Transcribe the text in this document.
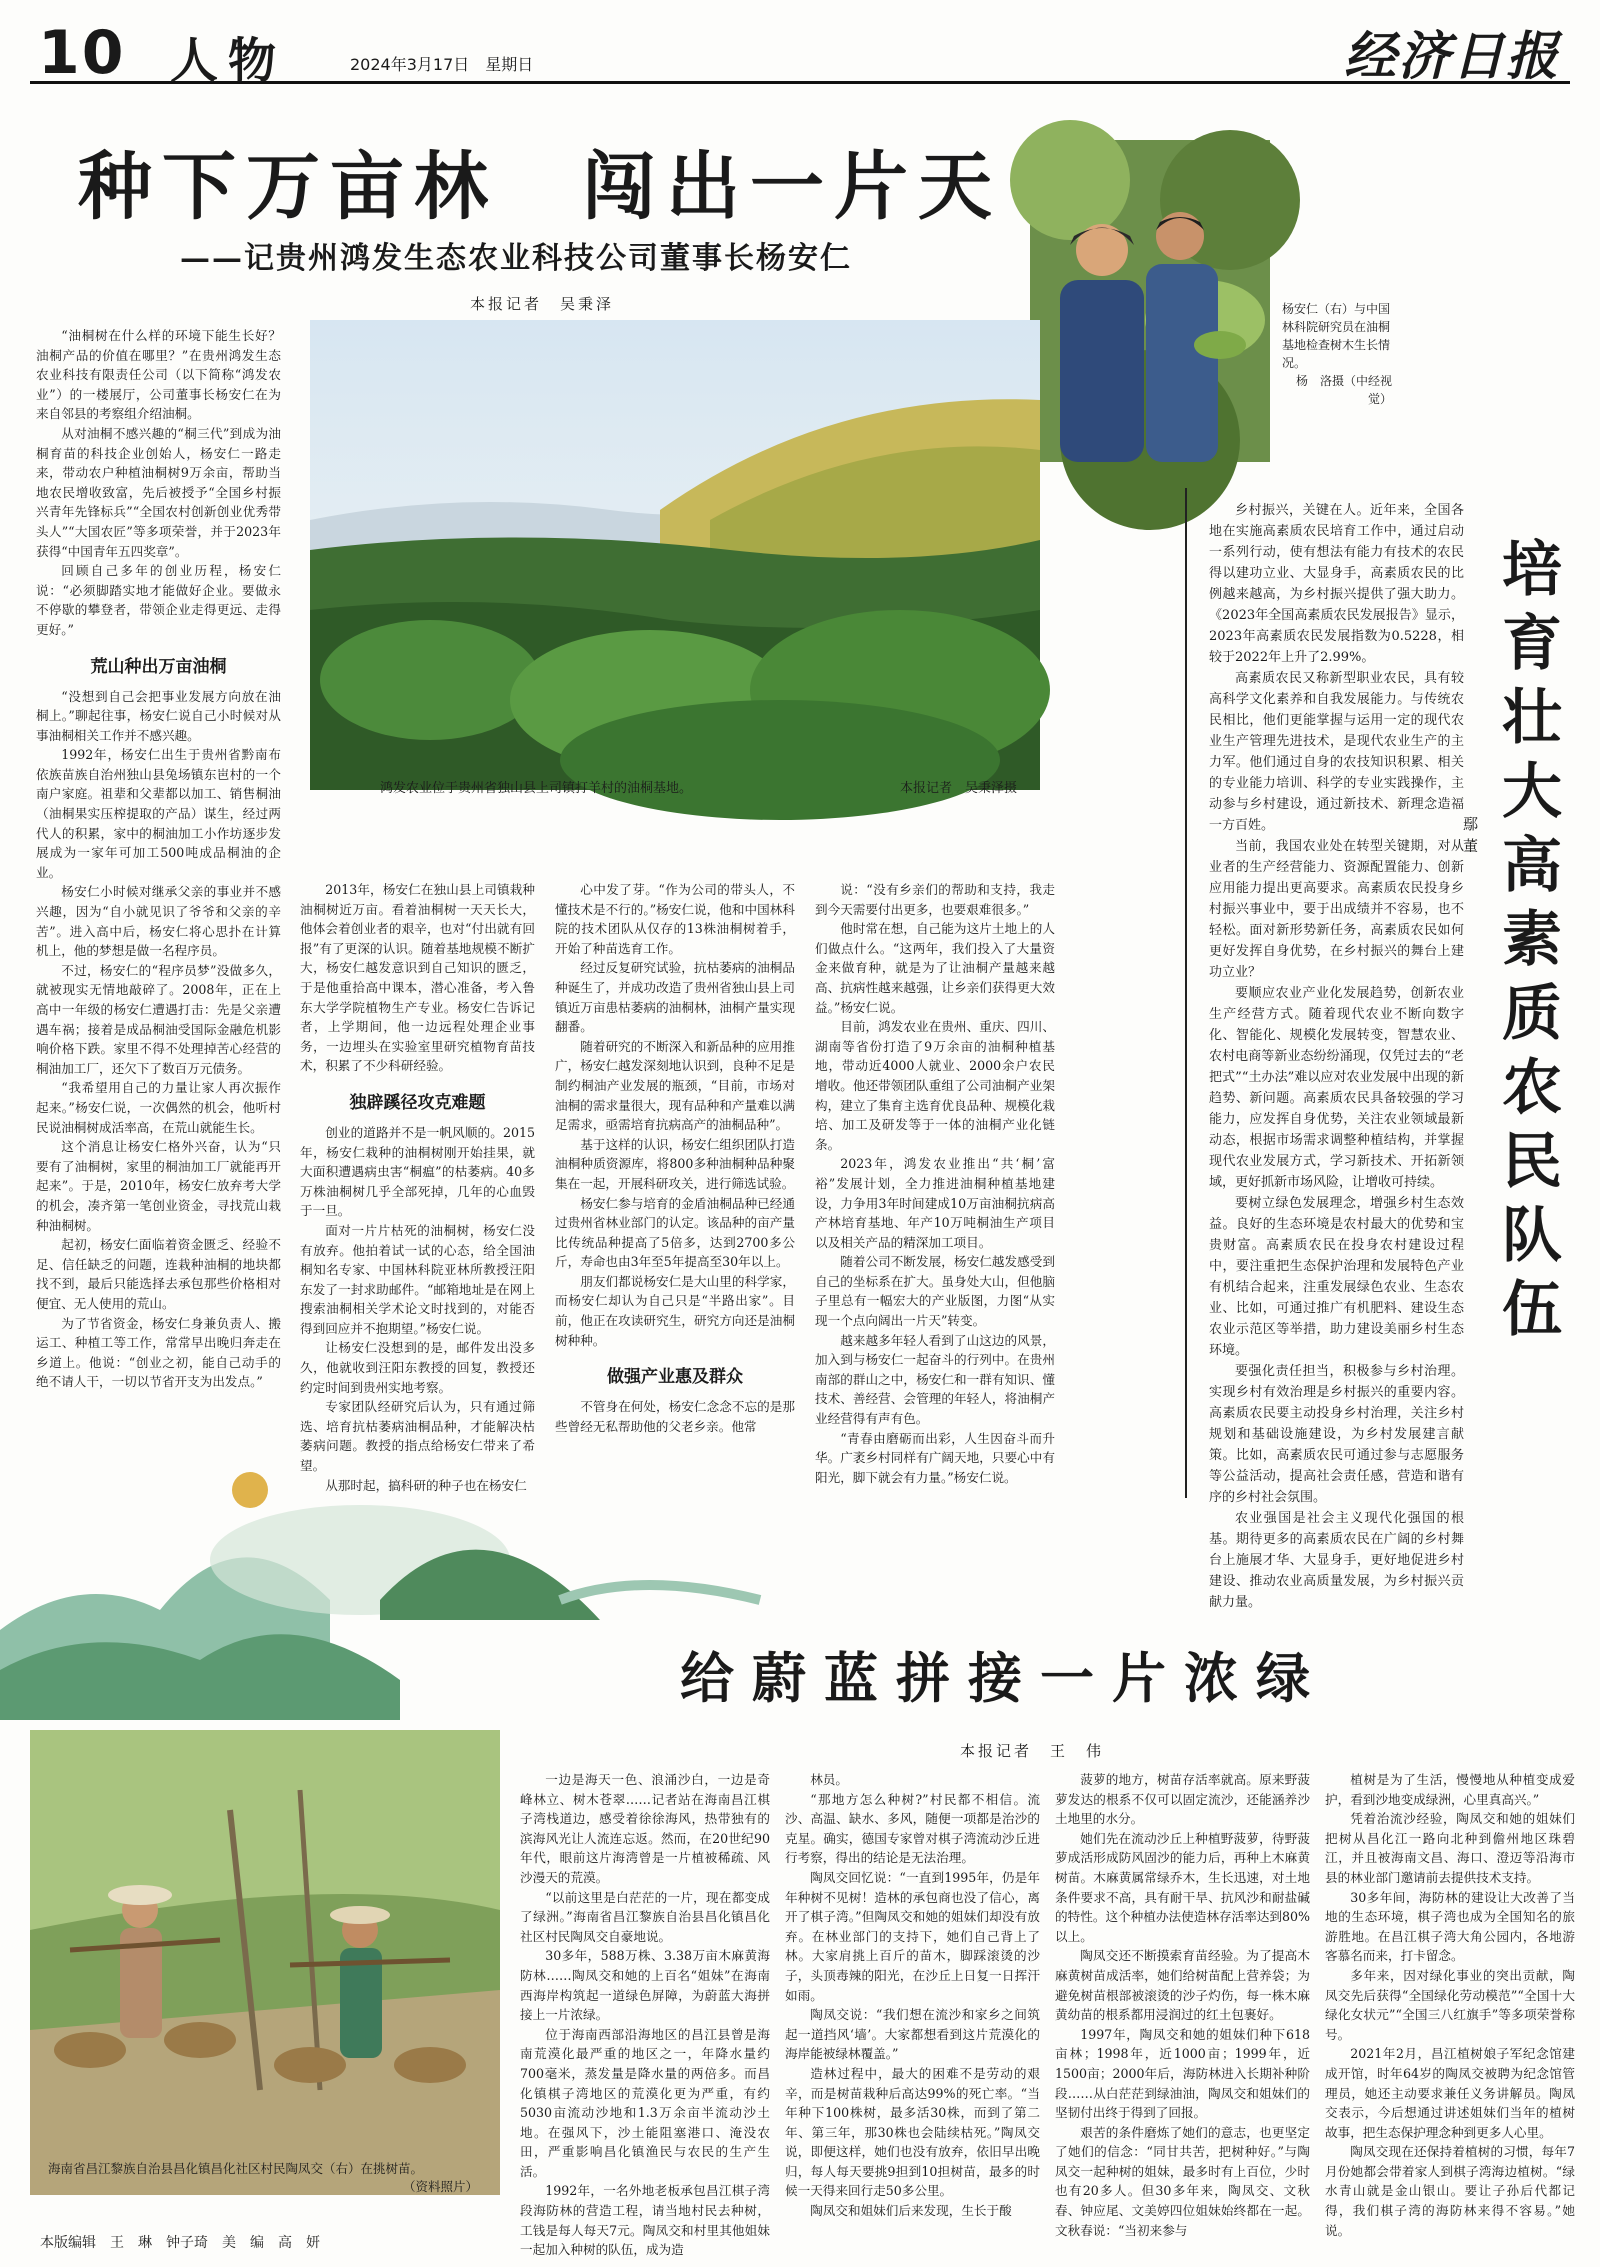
10 人物	2024年3月17日　星期日	经济日报
种下万亩林　闯出一片天
——记贵州鸿发生态农业科技公司董事长杨安仁
本报记者　吴秉泽	杨安仁（右）与中国林科院研究员在油桐基地检查树木生长情况。
杨　洛摄（中经视觉）
鸿发农业位于贵州省独山县上司镇打羊村的油桐基地。	本报记者　吴秉泽摄

“油桐树在什么样的环境下能生长好？油桐产品的价值在哪里？”在贵州鸿发生态农业科技有限责任公司（以下简称“鸿发农业”）的一楼展厅，公司董事长杨安仁在为来自邻县的考察组介绍油桐。

从对油桐不感兴趣的“桐三代”到成为油桐育苗的科技企业创始人，杨安仁一路走来，带动农户种植油桐树9万余亩，帮助当地农民增收致富，先后被授予“全国乡村振兴青年先锋标兵”“全国农村创新创业优秀带头人”“大国农匠”等多项荣誉，并于2023年获得“中国青年五四奖章”。

回顾自己多年的创业历程，杨安仁说：“必须脚踏实地才能做好企业。要做永不停歇的攀登者，带领企业走得更远、走得更好。”

荒山种出万亩油桐

“没想到自己会把事业发展方向放在油桐上。”聊起往事，杨安仁说自己小时候对从事油桐相关工作并不感兴趣。

1992年，杨安仁出生于贵州省黔南布依族苗族自治州独山县兔场镇东岜村的一个南户家庭。祖辈和父辈都以加工、销售桐油（油桐果实压榨提取的产品）谋生，经过两代人的积累，家中的桐油加工小作坊逐步发展成为一家年可加工500吨成品桐油的企业。

杨安仁小时候对继承父亲的事业并不感兴趣，因为“自小就见识了爷爷和父亲的辛苦”。进入高中后，杨安仁将心思扑在计算机上，他的梦想是做一名程序员。

不过，杨安仁的“程序员梦”没做多久，就被现实无情地敲碎了。2008年，正在上高中一年级的杨安仁遭遇打击：先是父亲遭遇车祸；接着是成品桐油受国际金融危机影响价格下跌。家里不得不处理掉苦心经营的桐油加工厂，还欠下了数百万元债务。

“我希望用自己的力量让家人再次振作起来。”杨安仁说，一次偶然的机会，他听村民说油桐树成活率高，在荒山就能生长。

这个消息让杨安仁格外兴奋，认为“只要有了油桐树，家里的桐油加工厂就能再开起来”。于是，2010年，杨安仁放弃考大学的机会，凑齐第一笔创业资金，寻找荒山栽种油桐树。

起初，杨安仁面临着资金匮乏、经验不足、信任缺乏的问题，连栽种油桐的地块都找不到，最后只能选择去承包那些价格相对便宜、无人使用的荒山。

为了节省资金，杨安仁身兼负责人、搬运工、种植工等工作，常常早出晚归奔走在乡道上。他说：“创业之初，能自己动手的绝不请人干，一切以节省开支为出发点。”

2013年，杨安仁在独山县上司镇栽种油桐树近万亩。看着油桐树一天天长大，他体会着创业者的艰辛，也对“付出就有回报”有了更深的认识。随着基地规模不断扩大，杨安仁越发意识到自己知识的匮乏，于是他重拾高中课本，潜心准备，考入鲁东大学学院植物生产专业。杨安仁告诉记者，上学期间，他一边远程处理企业事务，一边埋头在实验室里研究植物育苗技术，积累了不少科研经验。

独辟蹊径攻克难题

创业的道路并不是一帆风顺的。2015年，杨安仁栽种的油桐树刚开始挂果，就大面积遭遇病虫害“桐瘟”的枯萎病。40多万株油桐树几乎全部死掉，几年的心血毁于一旦。

面对一片片枯死的油桐树，杨安仁没有放弃。他拍着试一试的心态，给全国油桐知名专家、中国林科院亚林所教授汪阳东发了一封求助邮件。“邮箱地址是在网上搜索油桐相关学术论文时找到的，对能否得到回应并不抱期望。”杨安仁说。

让杨安仁没想到的是，邮件发出没多久，他就收到汪阳东教授的回复，教授还约定时间到贵州实地考察。

专家团队经研究后认为，只有通过筛选、培育抗枯萎病油桐品种，才能解决枯萎病问题。教授的指点给杨安仁带来了希望。

从那时起，搞科研的种子也在杨安仁

心中发了芽。“作为公司的带头人，不懂技术是不行的。”杨安仁说，他和中国林科院的技术团队从仅存的13株油桐树着手，开始了种苗选育工作。

经过反复研究试验，抗枯萎病的油桐品种诞生了，并成功改造了贵州省独山县上司镇近万亩患枯萎病的油桐林，油桐产量实现翻番。

随着研究的不断深入和新品种的应用推广，杨安仁越发深刻地认识到，良种不足是制约桐油产业发展的瓶颈，“目前，市场对油桐的需求量很大，现有品种和产量难以满足需求，亟需培育抗病高产的油桐品种”。

基于这样的认识，杨安仁组织团队打造油桐种质资源库，将800多种油桐种品种聚集在一起，开展科研攻关，进行筛选试验。

杨安仁参与培育的金盾油桐品种已经通过贵州省林业部门的认定。该品种的亩产量比传统品种提高了5倍多，达到2700多公斤，寿命也由3年至5年提高至30年以上。

朋友们都说杨安仁是大山里的科学家，而杨安仁却认为自己只是“半路出家”。目前，他正在攻读研究生，研究方向还是油桐树种种。

做强产业惠及群众

不管身在何处，杨安仁念念不忘的是那些曾经无私帮助他的父老乡亲。他常

说：“没有乡亲们的帮助和支持，我走到今天需要付出更多，也要艰难很多。”

他时常在想，自己能为这片土地上的人们做点什么。“这两年，我们投入了大量资金来做育种，就是为了让油桐产量越来越高、抗病性越来越强，让乡亲们获得更大效益。”杨安仁说。

目前，鸿发农业在贵州、重庆、四川、湖南等省份打造了9万余亩的油桐种植基地，带动近4000人就业、2000余户农民增收。他还带领团队重组了公司油桐产业架构，建立了集育主选育优良品种、规模化栽培、加工及研发等于一体的油桐产业化链条。

2023年，鸿发农业推出“共‘桐’富裕”发展计划，全力推进油桐种植基地建设，力争用3年时间建成10万亩油桐抗病高产林培育基地、年产10万吨桐油生产项目以及相关产品的精深加工项目。

随着公司不断发展，杨安仁越发感受到自己的坐标系在扩大。虽身处大山，但他脑子里总有一幅宏大的产业版图，力图“从实现一个点向阔出一片天”转变。

越来越多年轻人看到了山这边的风景，加入到与杨安仁一起奋斗的行列中。在贵州南部的群山之中，杨安仁和一群有知识、懂技术、善经营、会管理的年轻人，将油桐产业经营得有声有色。

“青春由磨砺而出彩，人生因奋斗而升华。广袤乡村同样有广阔天地，只要心中有阳光，脚下就会有力量。”杨安仁说。

乡村振兴，关键在人。近年来，全国各地在实施高素质农民培育工作中，通过启动一系列行动，使有想法有能力有技术的农民得以建功立业、大显身手，高素质农民的比例越来越高，为乡村振兴提供了强大助力。《2023年全国高素质农民发展报告》显示，2023年高素质农民发展指数为0.5228，相较于2022年上升了2.99%。

高素质农民又称新型职业农民，具有较高科学文化素养和自我发展能力。与传统农民相比，他们更能掌握与运用一定的现代农业生产管理先进技术，是现代农业生产的主力军。他们通过自身的农技知识积累、相关的专业能力培训、科学的专业实践操作，主动参与乡村建设，通过新技术、新理念造福一方百姓。

当前，我国农业处在转型关键期，对从业者的生产经营能力、资源配置能力、创新应用能力提出更高要求。高素质农民投身乡村振兴事业中，要于出成绩并不容易，也不轻松。面对新形势新任务，高素质农民如何更好发挥自身优势，在乡村振兴的舞台上建功立业？

要顺应农业产业化发展趋势，创新农业生产经营方式。随着现代农业不断向数字化、智能化、规模化发展转变，智慧农业、农村电商等新业态纷纷涌现，仅凭过去的“老把式”“土办法”难以应对农业发展中出现的新趋势、新问题。高素质农民具备较强的学习能力，应发挥自身优势，关注农业领域最新动态，根据市场需求调整种植结构，并掌握现代农业发展方式，学习新技术、开拓新领域，更好抓新市场风险，让增收可持续。

要树立绿色发展理念，增强乡村生态效益。良好的生态环境是农村最大的优势和宝贵财富。高素质农民在投身农村建设过程中，要注重把生态保护治理和发展特色产业有机结合起来，注重发展绿色农业、生态农业、比如，可通过推广有机肥料、建设生态农业示范区等举措，助力建设美丽乡村生态环境。

要强化责任担当，积极参与乡村治理。实现乡村有效治理是乡村振兴的重要内容。高素质农民要主动投身乡村治理，关注乡村规划和基础设施建设，为乡村发展建言献策。比如，高素质农民可通过参与志愿服务等公益活动，提高社会责任感，营造和谐有序的乡村社会氛围。

农业强国是社会主义现代化强国的根基。期待更多的高素质农民在广阔的乡村舞台上施展才华、大显身手，更好地促进乡村建设、推动农业高质量发展，为乡村振兴贡献力量。

鄢　董
培育壮大高素质农民队伍
给蔚蓝拼接一片浓绿
本报记者　王　伟
海南省昌江黎族自治县昌化镇昌化社区村民陶凤交（右）在挑树苗。
（资料照片）

一边是海天一色、浪涌沙白，一边是奇峰林立、树木苍翠……记者站在海南昌江棋子湾栈道边，感受着徐徐海风，热带独有的滨海风光让人流连忘返。然而，在20世纪90年代，眼前这片海湾曾是一片植被稀疏、风沙漫天的荒漠。

“以前这里是白茫茫的一片，现在都变成了绿洲。”海南省昌江黎族自治县昌化镇昌化社区村民陶凤交自豪地说。

30多年，588万株、3.38万亩木麻黄海防林……陶凤交和她的上百名“姐妹”在海南西海岸构筑起一道绿色屏障，为蔚蓝大海拼接上一片浓绿。

位于海南西部沿海地区的昌江县曾是海南荒漠化最严重的地区之一，年降水量约700毫米，蒸发量是降水量的两倍多。而昌化镇棋子湾地区的荒漠化更为严重，有约5030亩流动沙地和1.3万余亩半流动沙土地。在强风下，沙土能阻塞港口、淹没农田，严重影响昌化镇渔民与农民的生产生活。

1992年，一名外地老板承包昌江棋子湾段海防林的营造工程，请当地村民去种树，工钱是每人每天7元。陶凤交和村里其他姐妹一起加入种树的队伍，成为造

林员。

“那地方怎么种树?”村民都不相信。流沙、高温、缺水、多风，随便一项都是治沙的克星。确实，德国专家曾对棋子湾流动沙丘进行考察，得出的结论是无法治理。

陶凤交回忆说：“一直到1995年，仍是年年种树不见树！造林的承包商也没了信心，离开了棋子湾。”但陶凤交和她的姐妹们却没有放弃。在林业部门的支持下，她们自己背上了林。大家肩挑上百斤的苗木，脚踩滚烫的沙子，头顶毒辣的阳光，在沙丘上日复一日挥汗如雨。

陶凤交说：“我们想在流沙和家乡之间筑起一道挡风‘墙’。大家都想看到这片荒漠化的海岸能被绿林覆盖。”

造林过程中，最大的困难不是劳动的艰辛，而是树苗栽种后高达99%的死亡率。“当年种下100株树，最多活30株，而到了第二年、第三年，那30株也会陆续枯死。”陶凤交说，即便这样，她们也没有放弃，依旧早出晚归，每人每天要挑9担到10担树苗，最多的时候一天得来回行走50多公里。

陶凤交和姐妹们后来发现，生长于酸

菠萝的地方，树苗存活率就高。原来野菠萝发达的根系不仅可以固定流沙，还能涵养沙土地里的水分。

她们先在流动沙丘上种植野菠萝，待野菠萝成活形成防风固沙的能力后，再种上木麻黄树苗。木麻黄属常绿乔木，生长迅速，对土地条件要求不高，具有耐干旱、抗风沙和耐盐碱的特性。这个种植办法使造林存活率达到80%以上。

陶凤交还不断摸索育苗经验。为了提高木麻黄树苗成活率，她们给树苗配上营养袋；为避免树苗根部被滚烫的沙子灼伤，每一株木麻黄幼苗的根系都用浸润过的红土包裹好。

1997年，陶凤交和她的姐妹们种下618亩林；1998年，近1000亩；1999年，近1500亩；2000年后，海防林进入长期补种阶段……从白茫茫到绿油油，陶凤交和姐妹们的坚韧付出终于得到了回报。

艰苦的条件磨炼了她们的意志，也更坚定了她们的信念：“同甘共苦，把树种好。”与陶凤交一起种树的姐妹，最多时有上百位，少时也有20多人。但30多年来，陶凤交、文秋春、钟应尾、文美婷四位姐妹始终都在一起。文秋春说：“当初来参与

植树是为了生活，慢慢地从种植变成爱护，看到沙地变成绿洲，心里真高兴。”

凭着治流沙经验，陶凤交和她的姐妹们把树从昌化江一路向北种到儋州地区珠碧江，并且被海南文昌、海口、澄迈等沿海市县的林业部门邀请前去提供技术支持。

30多年间，海防林的建设让大改善了当地的生态环境，棋子湾也成为全国知名的旅游胜地。在昌江棋子湾大角公园内，各地游客慕名而来，打卡留念。

多年来，因对绿化事业的突出贡献，陶凤交先后获得“全国绿化劳动模范”“全国十大绿化女状元”“全国三八红旗手”等多项荣誉称号。

2021年2月，昌江植树娘子军纪念馆建成开馆，时年64岁的陶凤交被聘为纪念馆管理员，她还主动要求兼任义务讲解员。陶凤交表示，今后想通过讲述姐妹们当年的植树故事，把生态保护理念种到更多人心里。

陶凤交现在还保持着植树的习惯，每年7月份她都会带着家人到棋子湾海边植树。“绿水青山就是金山银山。要让子孙后代都记得，我们棋子湾的海防林来得不容易。”她说。

本版编辑　王　琳　钟子琦　美　编　高　妍
